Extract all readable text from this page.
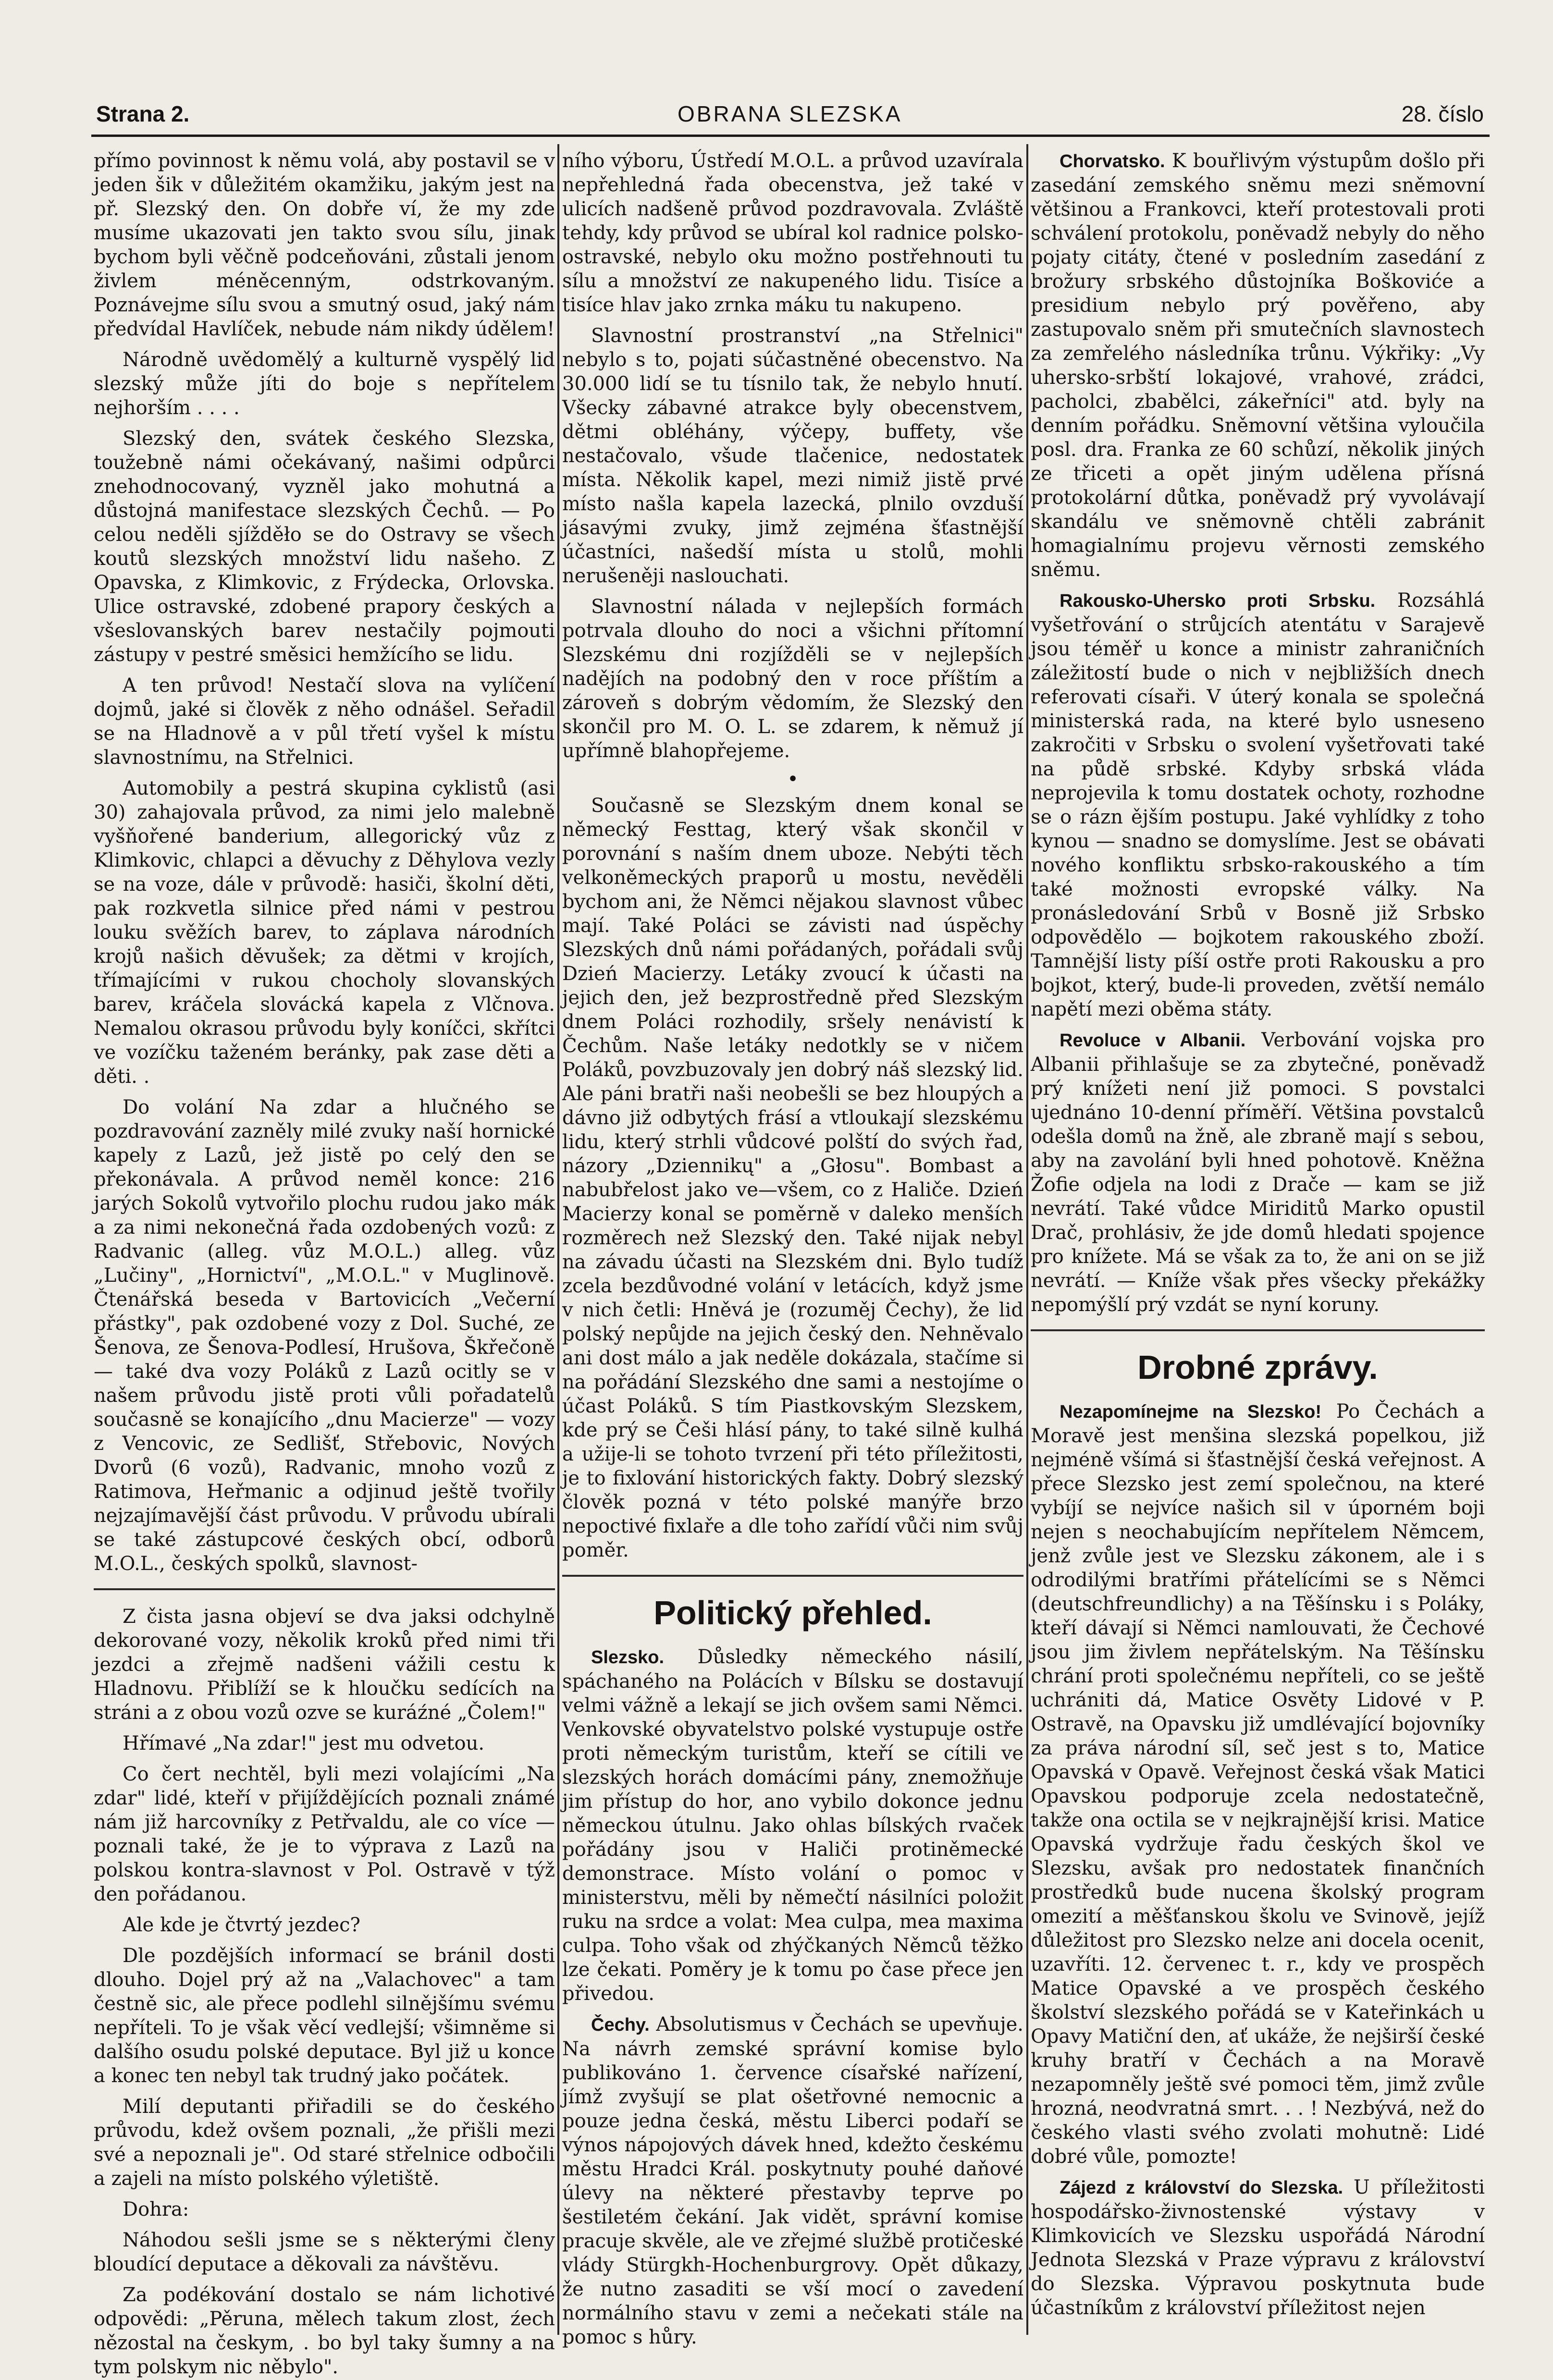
Strana 2.	OBRANA SLEZSKA	28. číslo

přímo povinnost k němu volá, aby postavil se v jeden šik v důležitém okamžiku, jakým jest na př. Slezský den. On dobře ví, že my zde musíme ukazovati jen takto svou sílu, jinak bychom byli věčně podceňováni, zůstali jenom živlem méněcenným, odstrkovaným. Poznávejme sílu svou a smutný osud, jaký nám předvídal Havlíček, nebude nám nikdy údělem!

Národně uvědomělý a kulturně vyspělý lid slezský může jíti do boje s nepřítelem nejhorším . . . .

Slezský den, svátek českého Slezska, toužebně námi očekávaný, našimi odpůrci znehodnocovaný, vyzněl jako mohutná a důstojná manifestace slezských Čechů. — Po celou neděli sjížděło se do Ostravy se všech koutů slezských množství lidu našeho. Z Opavska, z Klimkovic, z Frýdecka, Orlovska. Ulice ostravské, zdobené prapory českých a všeslovanských barev nestačily pojmouti zástupy v pestré směsici hemžícího se lidu.

A ten průvod! Nestačí slova na vylíčení dojmů, jaké si člověk z něho odnášel. Seřadil se na Hladnově a v půl třetí vyšel k místu slavnostnímu, na Střelnici.

Automobily a pestrá skupina cyklistů (asi 30) zahajovala průvod, za nimi jelo malebně vyšňořené banderium, allegorický vůz z Klimkovic, chlapci a děvuchy z Děhylova vezly se na voze, dále v průvodě: hasiči, školní děti, pak rozkvetla silnice před námi v pestrou louku svěžích barev, to záplava národních krojů našich děvušek; za dětmi v krojích, třímajícími v rukou chocholy slovanských barev, kráčela slovácká kapela z Vlčnova. Nemalou okrasou průvodu byly koníčci, skřítci ve vozíčku taženém beránky, pak zase děti a děti. .

Do volání Na zdar a hlučného se pozdravování zazněly milé zvuky naší hornické kapely z Lazů, jež jistě po celý den se překonávala. A průvod neměl konce: 216 jarých Sokolů vytvořilo plochu rudou jako mák a za nimi nekonečná řada ozdobených vozů: z Radvanic (alleg. vůz M.O.L.) alleg. vůz „Lučiny", „Hornictví", „M.O.L." v Muglinově. Čtenářská beseda v Bartovicích „Večerní přástky", pak ozdobené vozy z Dol. Suché, ze Šenova, ze Šenova-Podlesí, Hrušova, Škřečoně — také dva vozy Poláků z Lazů ocitly se v našem průvodu jistě proti vůli pořadatelů současně se konajícího „dnu Macierze" — vozy z Vencovic, ze Sedlišť, Střebovic, Nových Dvorů (6 vozů), Radvanic, mnoho vozů z Ratimova, Heřmanic a odjinud ještě tvořily nejzajímavější část průvodu. V průvodu ubírali se také zástupcové českých obcí, odborů M.O.L., českých spolků, slavnost-

Z čista jasna objeví se dva jaksi odchylně dekorované vozy, několik kroků před nimi tři jezdci a zřejmě nadšeni vážili cestu k Hladnovu. Přiblíží se k hloučku sedících na stráni a z obou vozů ozve se kuráźné „Čolem!"

Hřímavé „Na zdar!" jest mu odvetou.

Co čert nechtěl, byli mezi volajícími „Na zdar" lidé, kteří v přijíždějících poznali známé nám již harcovníky z Petřvaldu, ale co více — poznali také, že je to výprava z Lazů na polskou kontra-slavnost v Pol. Ostravě v týž den pořádanou.

Ale kde je čtvrtý jezdec?

Dle pozdějších informací se bránil dosti dlouho. Dojel prý až na „Valachovec" a tam čestně sic, ale přece podlehl silnějšímu svému nepříteli. To je však věcí vedlejší; všimněme si dalšího osudu polské deputace. Byl již u konce a konec ten nebyl tak trudný jako počátek.

Milí deputanti přiřadili se do českého průvodu, kdež ovšem poznali, „že přišli mezi své a nepoznali je". Od staré střelnice odbočili a zajeli na místo polského výletiště.

Dohra:

Náhodou sešli jsme se s některými členy bloudící deputace a děkovali za návštěvu.

Za podékování dostalo se nám lichotivé odpovědi: „Pěruna, mělech takum zlost, źech nězostal na českym, . bo byl taky šumny a na tym polskym nic něbylo".

ního výboru, Ústředí M.O.L. a průvod uzavírala nepřehledná řada obecenstva, jež také v ulicích nadšeně průvod pozdravovala. Zvláště tehdy, kdy průvod se ubíral kol radnice polsko-ostravské, nebylo oku možno postřehnouti tu sílu a množství ze nakupeného lidu. Tisíce a tisíce hlav jako zrnka máku tu nakupeno.

Slavnostní prostranství „na Střelnici" nebylo s to, pojati súčastněné obecenstvo. Na 30.000 lidí se tu tísnilo tak, že nebylo hnutí. Všecky zábavné atrakce byly obecenstvem, dětmi obléhány, výčepy, buffety, vše nestačovalo, všude tlačenice, nedostatek místa. Několik kapel, mezi nimiž jistě prvé místo našla kapela lazecká, plnilo ovzduší jásavými zvuky, jimž zejména šťastnější účastníci, našedší místa u stolů, mohli nerušeněji naslouchati.

Slavnostní nálada v nejlepších formách potrvala dlouho do noci a všichni přítomní Slezskému dni rozjížděli se v nejlepších nadějích na podobný den v roce příštím a zároveň s dobrým vědomím, že Slezský den skončil pro M. O. L. se zdarem, k němuž jí upřímně blahopřejeme.

•

Současně se Slezským dnem konal se německý Festtag, který však skončil v porovnání s naším dnem uboze. Nebýti těch velkoněmeckých praporů u mostu, nevěděli bychom ani, že Němci nějakou slavnost vůbec mají. Také Poláci se závisti nad úspěchy Slezských dnů námi pořádaných, pořádali svůj Dzień Macierzy. Letáky zvoucí k účasti na jejich den, jež bezprostředně před Slezským dnem Poláci rozhodily, sršely nenávistí k Čechům. Naše letáky nedotkly se v ničem Poláků, povzbuzovaly jen dobrý náš slezský lid. Ale páni bratři naši neobešli se bez hloupých a dávno již odbytých frásí a vtloukají slezskému lidu, který strhli vůdcové polští do svých řad, názory „Dziennikų" a „Głosu". Bombast a nabubřelost jako ve—všem, co z Haliče. Dzień Macierzy konal se poměrně v daleko menších rozměrech než Slezský den. Také nijak nebyl na závadu účasti na Slezském dni. Bylo tudíž zcela bezdůvodné volání v letácích, když jsme v nich četli: Hněvá je (rozuměj Čechy), že lid polský nepůjde na jejich český den. Nehněvalo ani dost málo a jak neděle dokázala, stačíme si na pořádání Slezského dne sami a nestojíme o účast Poláků. S tím Piastkovským Slezskem, kde prý se Češi hlásí pány, to také silně kulhá a užije-li se tohoto tvrzení při této příležitosti, je to fixlování historických fakty. Dobrý slezský člověk pozná v této polské manýře brzo nepoctivé fixlaře a dle toho zařídí vůči nim svůj poměr.

Politický přehled.

Slezsko. Důsledky německého násilí, spáchaného na Polácích v Bílsku se dostavují velmi vážně a lekají se jich ovšem sami Němci. Venkovské obyvatelstvo polské vystupuje ostře proti německým turistům, kteří se cítili ve slezských horách domácími pány, znemožňuje jim přístup do hor, ano vybilo dokonce jednu německou útulnu. Jako ohlas bílských rvaček pořádány jsou v Haliči protiněmecké demonstrace. Místo volání o pomoc v ministerstvu, měli by němečtí násilníci položit ruku na srdce a volat: Mea culpa, mea maxima culpa. Toho však od zhýčkaných Němců těžko lze čekati. Poměry je k tomu po čase přece jen přivedou.

Čechy. Absolutismus v Čechách se upevňuje. Na návrh zemské správní komise bylo publikováno 1. července císařské nařízení, jímž zvyšují se plat ošetřovné nemocnic a pouze jedna česká, městu Liberci podaří se výnos nápojových dávek hned, kdežto českému městu Hradci Král. poskytnuty pouhé daňové úlevy na některé přestavby teprve po šestiletém čekání. Jak vidět, správní komise pracuje skvěle, ale ve zřejmé službě protičeské vlády Stürgkh-Hochenburgrovy. Opět důkazy, že nutno zasaditi se vší mocí o zavedení normálního stavu v zemi a nečekati stále na pomoc s hůry.

Chorvatsko. K bouřlivým výstupům došlo při zasedání zemského sněmu mezi sněmovní většinou a Frankovci, kteří protestovali proti schválení protokolu, poněvadž nebyly do něho pojaty citáty, čtené v posledním zasedání z brožury srbského důstojníka Boškoviće a presidium nebylo prý pověřeno, aby zastupovalo sněm při smutečních slavnostech za zemřelého následníka trůnu. Výkřiky: „Vy uhersko-srbští lokajové, vrahové, zrádci, pacholci, zbabělci, zákeřníci" atd. byly na denním pořádku. Sněmovní většina vyloučila posl. dra. Franka ze 60 schůzí, několik jiných ze třiceti a opět jiným udělena přísná protokolární důtka, poněvadž prý vyvolávají skandálu ve sněmovně chtěli zabránit homagialnímu projevu věrnosti zemského sněmu.

Rakousko-Uhersko proti Srbsku. Rozsáhlá vyšetřování o strůjcích atentátu v Sarajevě jsou téměř u konce a ministr zahraničních záležitostí bude o nich v nejbližších dnech referovati císaři. V úterý konala se společná ministerská rada, na které bylo usneseno zakročiti v Srbsku o svolení vyšetřovati také na půdě srbské. Kdyby srbská vláda neprojevila k tomu dostatek ochoty, rozhodne se o rázn ějším postupu. Jaké vyhlídky z toho kynou — snadno se domyslíme. Jest se obávati nového konfliktu srbsko-rakouského a tím také možnosti evropské války. Na pronásledování Srbů v Bosně již Srbsko odpovědělo — bojkotem rakouského zboží. Tamnější listy píší ostře proti Rakousku a pro bojkot, který, bude-li proveden, zvětší nemálo napětí mezi oběma státy.

Revoluce v Albanii. Verbování vojska pro Albanii přihlašuje se za zbytečné, poněvadž prý knížeti není již pomoci. S povstalci ujednáno 10-denní příměří. Většina povstalců odešla domů na žně, ale zbraně mají s sebou, aby na zavolání byli hned pohotově. Kněžna Žofie odjela na lodi z Drače — kam se již nevrátí. Také vůdce Miriditů Marko opustil Drač, prohlásiv, že jde domů hledati spojence pro knížete. Má se však za to, že ani on se již nevrátí. — Kníže však přes všecky překážky nepomýšlí prý vzdát se nyní koruny.

Drobné zprávy.

Nezapomínejme na Slezsko! Po Čechách a Moravě jest menšina slezská popelkou, již nejméně všímá si šťastnější česká veřejnost. A přece Slezsko jest zemí společnou, na které vybíjí se nejvíce našich sil v úporném boji nejen s neochabujícím nepřítelem Němcem, jenž zvůle jest ve Slezsku zákonem, ale i s odrodilými bratřími přátelícími se s Němci (deutschfreundlichy) a na Těšínsku i s Poláky, kteří dávají si Němci namlouvati, že Čechové jsou jim živlem nepřátelským. Na Těšínsku chrání proti společnému nepříteli, co se ještě uchrániti dá, Matice Osvěty Lidové v P. Ostravě, na Opavsku již umdlévající bojovníky za práva národní síl, seč jest s to, Matice Opavská v Opavě. Veřejnost česká však Matici Opavskou podporuje zcela nedostatečně, takže ona octila se v nejkrajnější krisi. Matice Opavská vydržuje řadu českých škol ve Slezsku, avšak pro nedostatek finančních prostředků bude nucena školský program omezití a měšťanskou školu ve Svinově, jejíž důležitost pro Slezsko nelze ani docela ocenit, uzavříti. 12. červenec t. r., kdy ve prospěch Matice Opavské a ve prospěch českého školství slezského pořádá se v Kateřinkách u Opavy Matiční den, ať ukáže, že nejširší české kruhy bratří v Čechách a na Moravě nezapomněly ještě své pomoci těm, jimž zvůle hrozná, neodvratná smrt. . . ! Nezbývá, než do českého vlasti svého zvolati mohutně: Lidé dobré vůle, pomozte!

Zájezd z království do Slezska. U příležitosti hospodářsko-živnostenské výstavy v Klimkovicích ve Slezsku uspořádá Národní Jednota Slezská v Praze výpravu z království do Slezska. Výpravou poskytnuta bude účastníkům z království příležitost nejen
